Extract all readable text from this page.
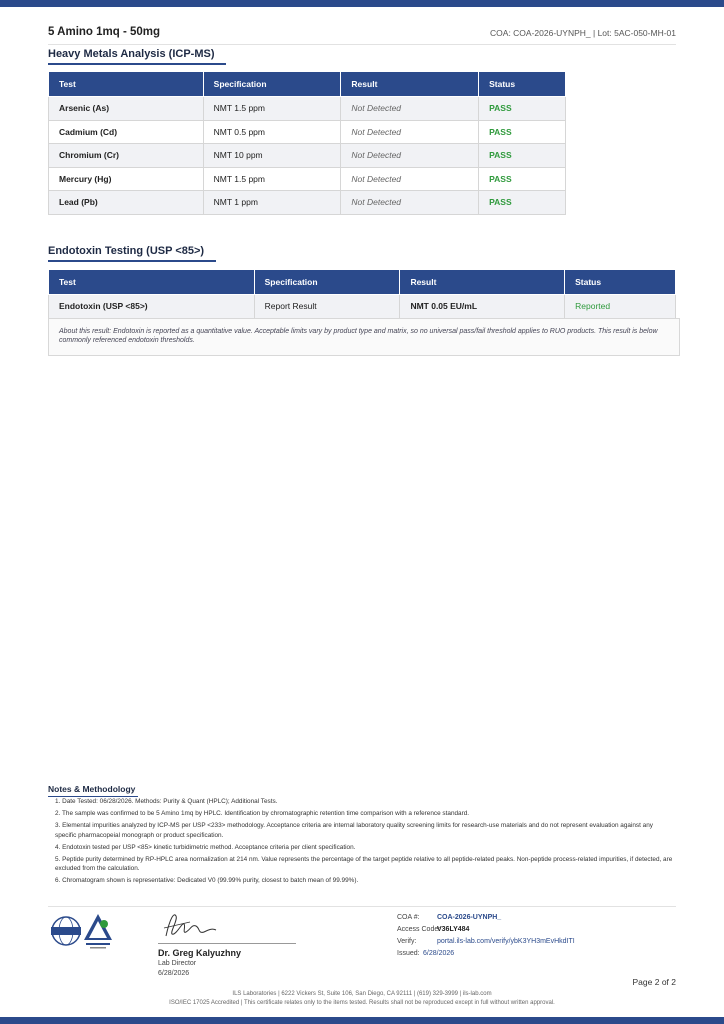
5 Amino 1mq - 50mg	COA: COA-2026-UYNPH_ | Lot: 5AC-050-MH-01
Heavy Metals Analysis (ICP-MS)
Test	Specification	Result	Status
Arsenic (As)	NMT 1.5 ppm	Not Detected	PASS
Cadmium (Cd)	NMT 0.5 ppm	Not Detected	PASS
Chromium (Cr)	NMT 10 ppm	Not Detected	PASS
Mercury (Hg)	NMT 1.5 ppm	Not Detected	PASS
Lead (Pb)	NMT 1 ppm	Not Detected	PASS
Endotoxin Testing (USP <85>)
Test	Specification	Result	Status
Endotoxin (USP <85>)	Report Result	NMT 0.05 EU/mL	Reported
About this result: Endotoxin is reported as a quantitative value. Acceptable limits vary by product type and matrix, so no universal pass/fail threshold applies to RUO products. This result is below commonly referenced endotoxin thresholds.
Notes & Methodology
1. Date Tested: 06/28/2026. Methods: Purity & Quant (HPLC); Additional Tests.
2. The sample was confirmed to be 5 Amino 1mq by HPLC. Identification by chromatographic retention time comparison with a reference standard.
3. Elemental impurities analyzed by ICP-MS per USP <233> methodology. Acceptance criteria are internal laboratory quality screening limits for research-use materials and do not represent evaluation against any specific pharmacopeial monograph or product specification.
4. Endotoxin tested per USP <85> kinetic turbidimetric method. Acceptance criteria per client specification.
5. Peptide purity determined by RP-HPLC area normalization at 214 nm. Value represents the percentage of the target peptide relative to all peptide-related peaks. Non-peptide process-related impurities, if detected, are excluded from the calculation.
6. Chromatogram shown is representative: Dedicated V0 (99.99% purity, closest to batch mean of 99.99%).
Dr. Greg Kalyuzhny
Lab Director
6/28/2026
COA #: COA-2026-UYNPH_
Access Code:
V36LY484
Verify:	portal.ils-lab.com/verify/ybK3YH3mEvHkdITI
Issued: 6/28/2026
Page 2 of 2
ILS Laboratories | 6222 Vickers St, Suite 106, San Diego, CA 92111 | (619) 329-3999 | ils-lab.com
ISO/IEC 17025 Accredited | This certificate relates only to the items tested. Results shall not be reproduced except in full without written approval.
